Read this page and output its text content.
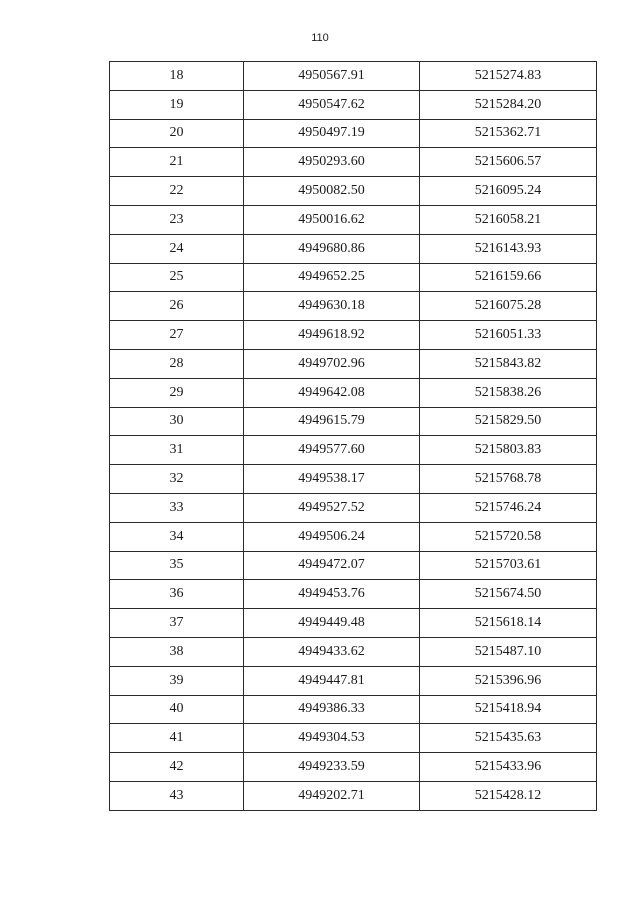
110
18	4950567.91	5215274.83
19	4950547.62	5215284.20
20	4950497.19	5215362.71
21	4950293.60	5215606.57
22	4950082.50	5216095.24
23	4950016.62	5216058.21
24	4949680.86	5216143.93
25	4949652.25	5216159.66
26	4949630.18	5216075.28
27	4949618.92	5216051.33
28	4949702.96	5215843.82
29	4949642.08	5215838.26
30	4949615.79	5215829.50
31	4949577.60	5215803.83
32	4949538.17	5215768.78
33	4949527.52	5215746.24
34	4949506.24	5215720.58
35	4949472.07	5215703.61
36	4949453.76	5215674.50
37	4949449.48	5215618.14
38	4949433.62	5215487.10
39	4949447.81	5215396.96
40	4949386.33	5215418.94
41	4949304.53	5215435.63
42	4949233.59	5215433.96
43	4949202.71	5215428.12
